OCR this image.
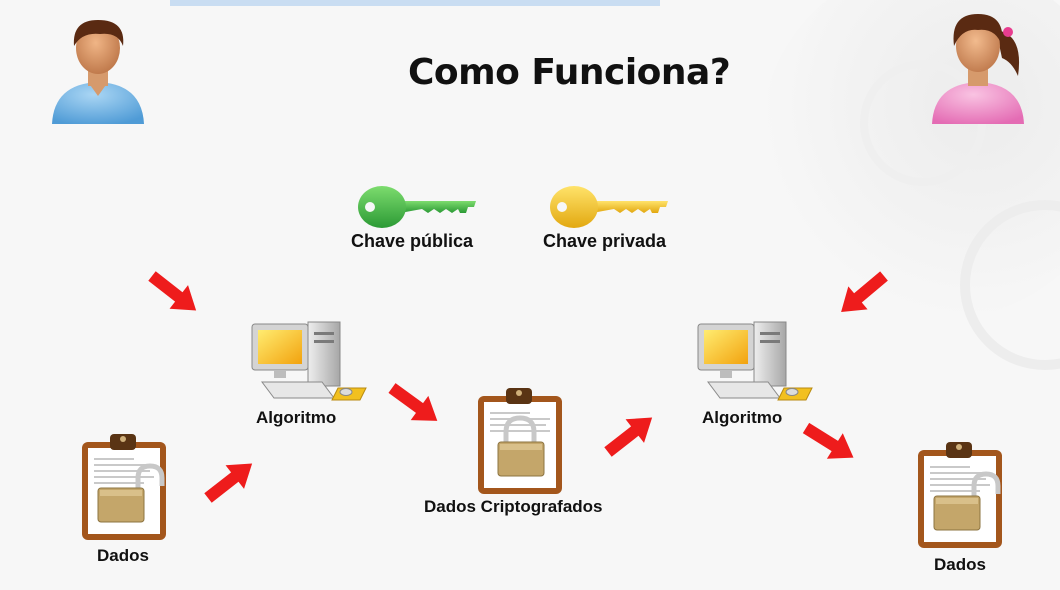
Como Funciona?
Chave pública	Chave privada
Algoritmo	Algoritmo
Dados
Dados Criptografados
Dados
